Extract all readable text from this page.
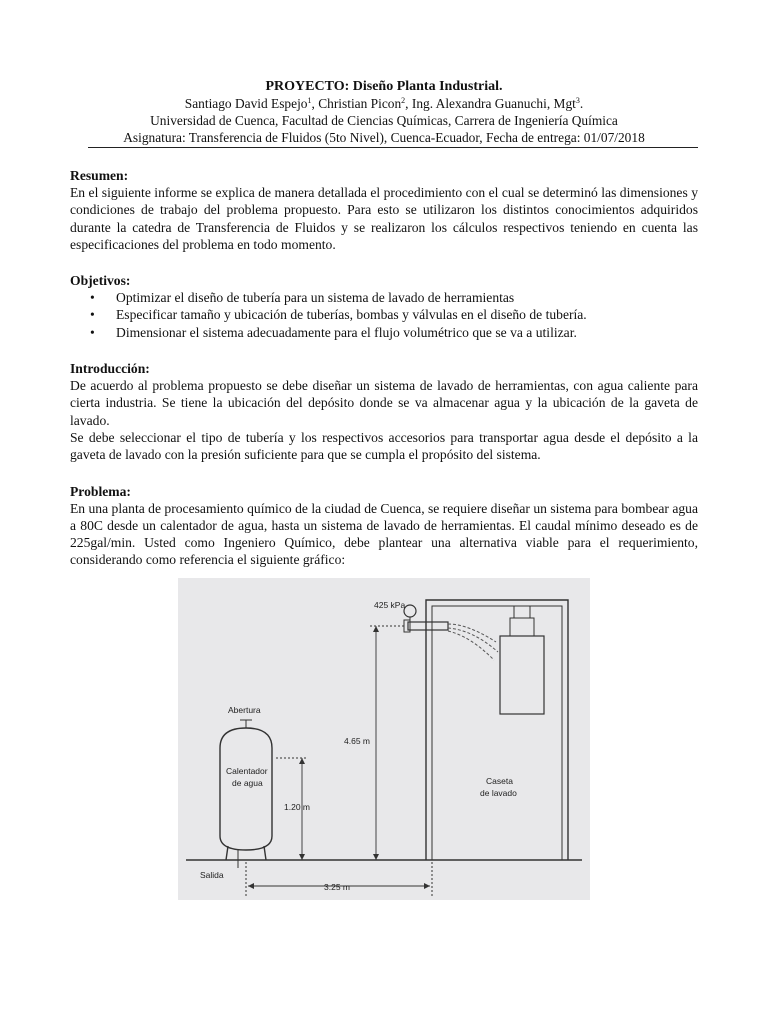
PROYECTO: Diseño Planta Industrial.
Santiago David Espejo$^1$, Christian Picon$^2$, Ing. Alexandra Guanuchi, Mgt$^3$.
Universidad de Cuenca, Facultad de Ciencias Químicas, Carrera de Ingeniería Química
Asignatura: Transferencia de Fluidos (5to Nivel), Cuenca-Ecuador, Fecha de entrega: 01/07/2018
Resumen:

En el siguiente informe se explica de manera detallada el procedimiento con el cual se determinó las dimensiones y condiciones de trabajo del problema propuesto. Para esto se utilizaron los distintos conocimientos adquiridos durante la catedra de Transferencia de Fluidos y se realizaron los cálculos respectivos teniendo en cuenta las especificaciones del problema en todo momento.

Objetivos:
• Optimizar el diseño de tubería para un sistema de lavado de herramientas
• Especificar tamaño y ubicación de tuberías, bombas y válvulas en el diseño de tubería.
• Dimensionar el sistema adecuadamente para el flujo volumétrico que se va a utilizar.
Introducción:

De acuerdo al problema propuesto se debe diseñar un sistema de lavado de herramientas, con agua caliente para cierta industria. Se tiene la ubicación del depósito donde se va almacenar agua y la ubicación de la gaveta de lavado.

Se debe seleccionar el tipo de tubería y los respectivos accesorios para transportar agua desde el depósito a la gaveta de lavado con la presión suficiente para que se cumpla el propósito del sistema.

Problema:

En una planta de procesamiento químico de la ciudad de Cuenca, se requiere diseñar un sistema para bombear agua a 80C desde un calentador de agua, hasta un sistema de lavado de herramientas. El caudal mínimo deseado es de 225gal/min. Usted como Ingeniero Químico, debe plantear una alternativa viable para el requerimiento, considerando como referencia el siguiente gráfico:

425 kPa
4.65 m
1.20 m
Abertura
Calentador
de agua
Salida
3.25 m
Caseta
de lavado
